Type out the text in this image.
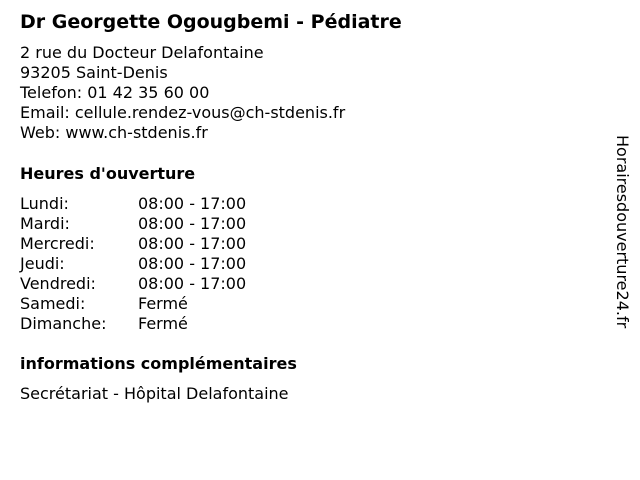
Dr Georgette Ogougbemi - Pédiatre
2 rue du Docteur Delafontaine
93205 Saint-Denis
Telefon: 01 42 35 60 00
Email: cellule.rendez-vous@ch-stdenis.fr
Web: www.ch-stdenis.fr
Heures d'ouverture
Lundi:	08:00 - 17:00
Mardi:	08:00 - 17:00
Mercredi:	08:00 - 17:00
Jeudi:	08:00 - 17:00
Vendredi:	08:00 - 17:00
Samedi:	Fermé
Dimanche:	Fermé
informations complémentaires
Secrétariat - Hôpital Delafontaine
Horairesdouverture24.fr
